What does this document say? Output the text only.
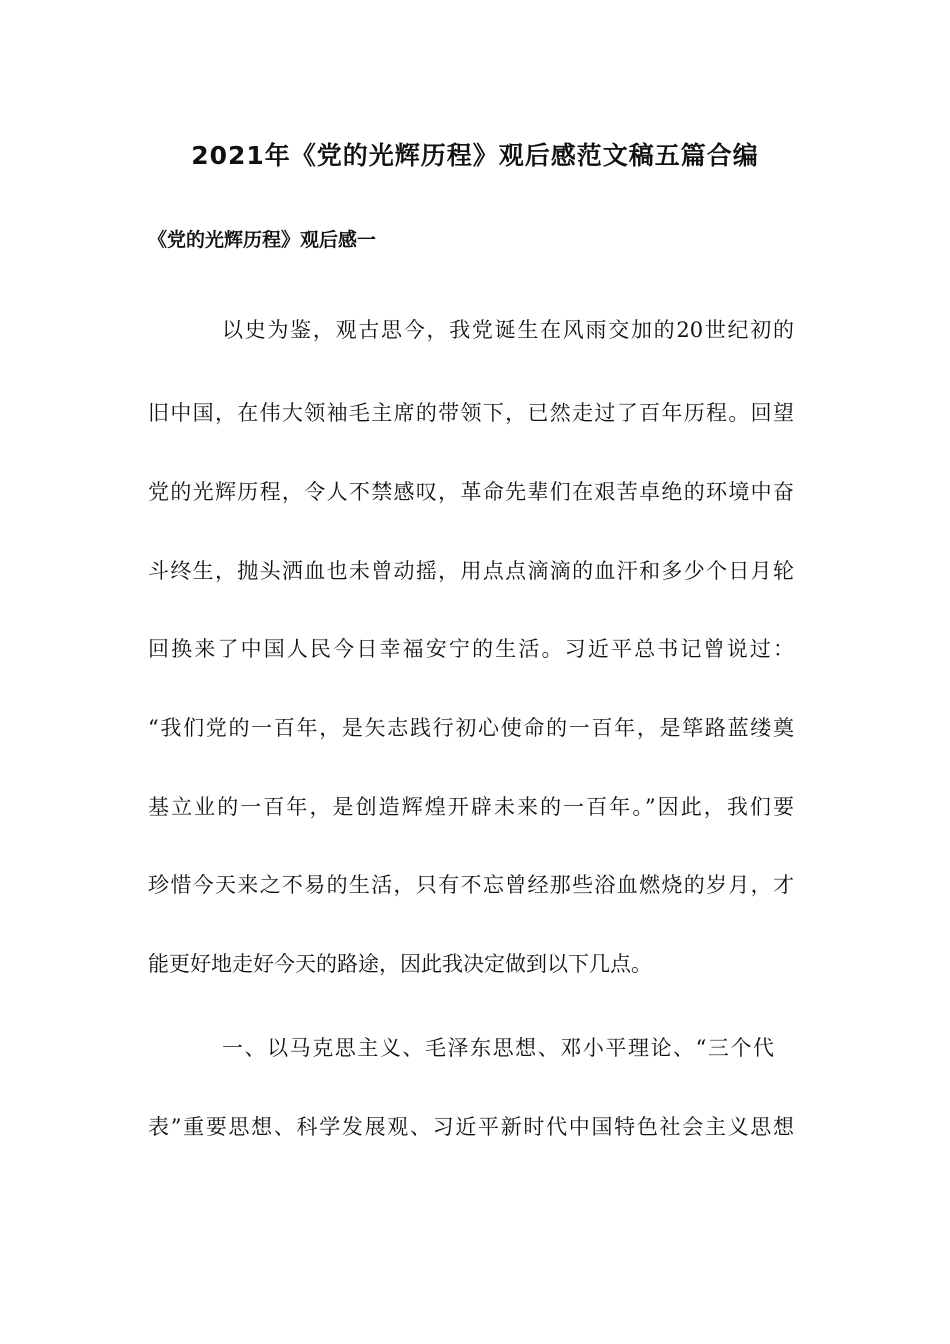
2021年《党的光辉历程》观后感范文稿五篇合编
《党的光辉历程》观后感一
以史为鉴，观古思今，我党诞生在风雨交加的20世纪初的
旧中国，在伟大领袖毛主席的带领下，已然走过了百年历程。回望
党的光辉历程，令人不禁感叹，革命先辈们在艰苦卓绝的环境中奋
斗终生，抛头洒血也未曾动摇，用点点滴滴的血汗和多少个日月轮
回换来了中国人民今日幸福安宁的生活。习近平总书记曾说过：
“我们党的一百年，是矢志践行初心使命的一百年，是筚路蓝缕奠
基立业的一百年，是创造辉煌开辟未来的一百年。”因此，我们要
珍惜今天来之不易的生活，只有不忘曾经那些浴血燃烧的岁月，才
能更好地走好今天的路途，因此我决定做到以下几点。
一、以马克思主义、毛泽东思想、邓小平理论、“三个代
表”重要思想、科学发展观、习近平新时代中国特色社会主义思想
